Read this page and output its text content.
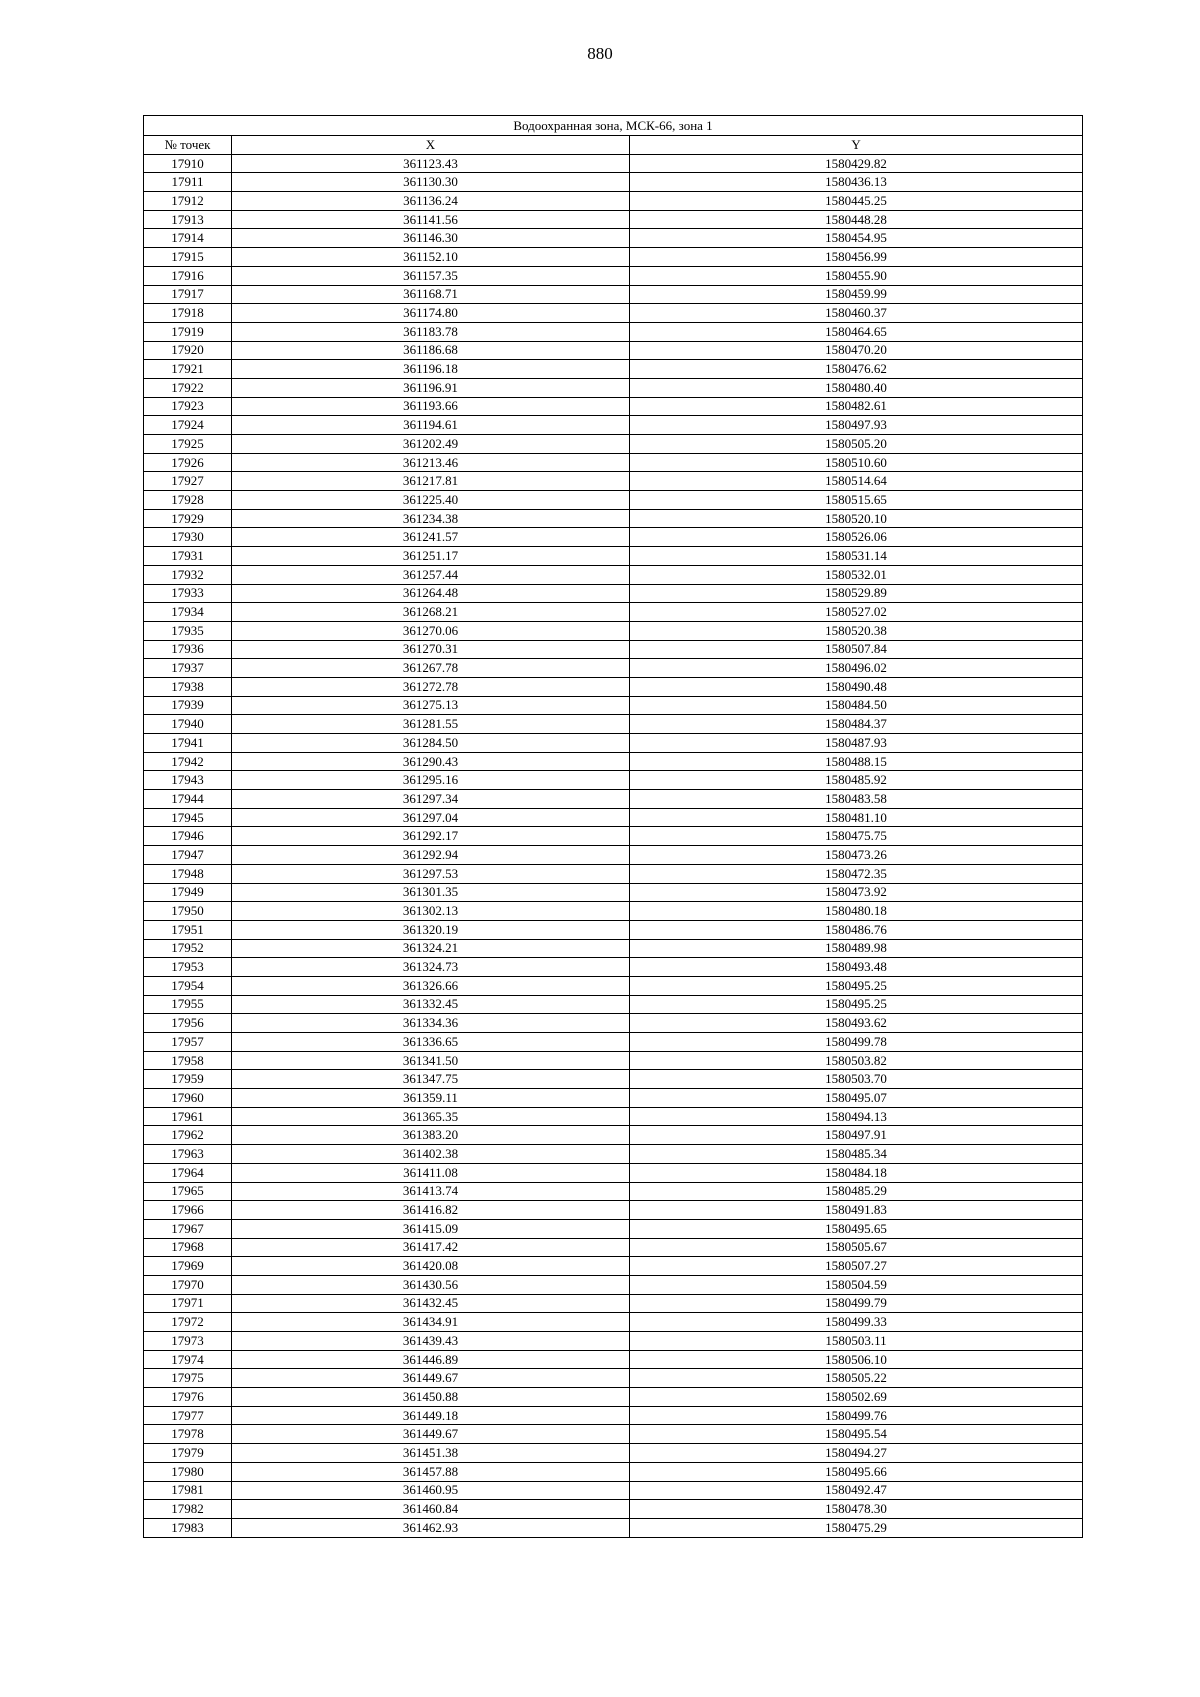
880
Водоохранная зона, МСК-66, зона 1		
№ точек	X	Y
17910	361123.43	1580429.82
17911	361130.30	1580436.13
17912	361136.24	1580445.25
17913	361141.56	1580448.28
17914	361146.30	1580454.95
17915	361152.10	1580456.99
17916	361157.35	1580455.90
17917	361168.71	1580459.99
17918	361174.80	1580460.37
17919	361183.78	1580464.65
17920	361186.68	1580470.20
17921	361196.18	1580476.62
17922	361196.91	1580480.40
17923	361193.66	1580482.61
17924	361194.61	1580497.93
17925	361202.49	1580505.20
17926	361213.46	1580510.60
17927	361217.81	1580514.64
17928	361225.40	1580515.65
17929	361234.38	1580520.10
17930	361241.57	1580526.06
17931	361251.17	1580531.14
17932	361257.44	1580532.01
17933	361264.48	1580529.89
17934	361268.21	1580527.02
17935	361270.06	1580520.38
17936	361270.31	1580507.84
17937	361267.78	1580496.02
17938	361272.78	1580490.48
17939	361275.13	1580484.50
17940	361281.55	1580484.37
17941	361284.50	1580487.93
17942	361290.43	1580488.15
17943	361295.16	1580485.92
17944	361297.34	1580483.58
17945	361297.04	1580481.10
17946	361292.17	1580475.75
17947	361292.94	1580473.26
17948	361297.53	1580472.35
17949	361301.35	1580473.92
17950	361302.13	1580480.18
17951	361320.19	1580486.76
17952	361324.21	1580489.98
17953	361324.73	1580493.48
17954	361326.66	1580495.25
17955	361332.45	1580495.25
17956	361334.36	1580493.62
17957	361336.65	1580499.78
17958	361341.50	1580503.82
17959	361347.75	1580503.70
17960	361359.11	1580495.07
17961	361365.35	1580494.13
17962	361383.20	1580497.91
17963	361402.38	1580485.34
17964	361411.08	1580484.18
17965	361413.74	1580485.29
17966	361416.82	1580491.83
17967	361415.09	1580495.65
17968	361417.42	1580505.67
17969	361420.08	1580507.27
17970	361430.56	1580504.59
17971	361432.45	1580499.79
17972	361434.91	1580499.33
17973	361439.43	1580503.11
17974	361446.89	1580506.10
17975	361449.67	1580505.22
17976	361450.88	1580502.69
17977	361449.18	1580499.76
17978	361449.67	1580495.54
17979	361451.38	1580494.27
17980	361457.88	1580495.66
17981	361460.95	1580492.47
17982	361460.84	1580478.30
17983	361462.93	1580475.29
